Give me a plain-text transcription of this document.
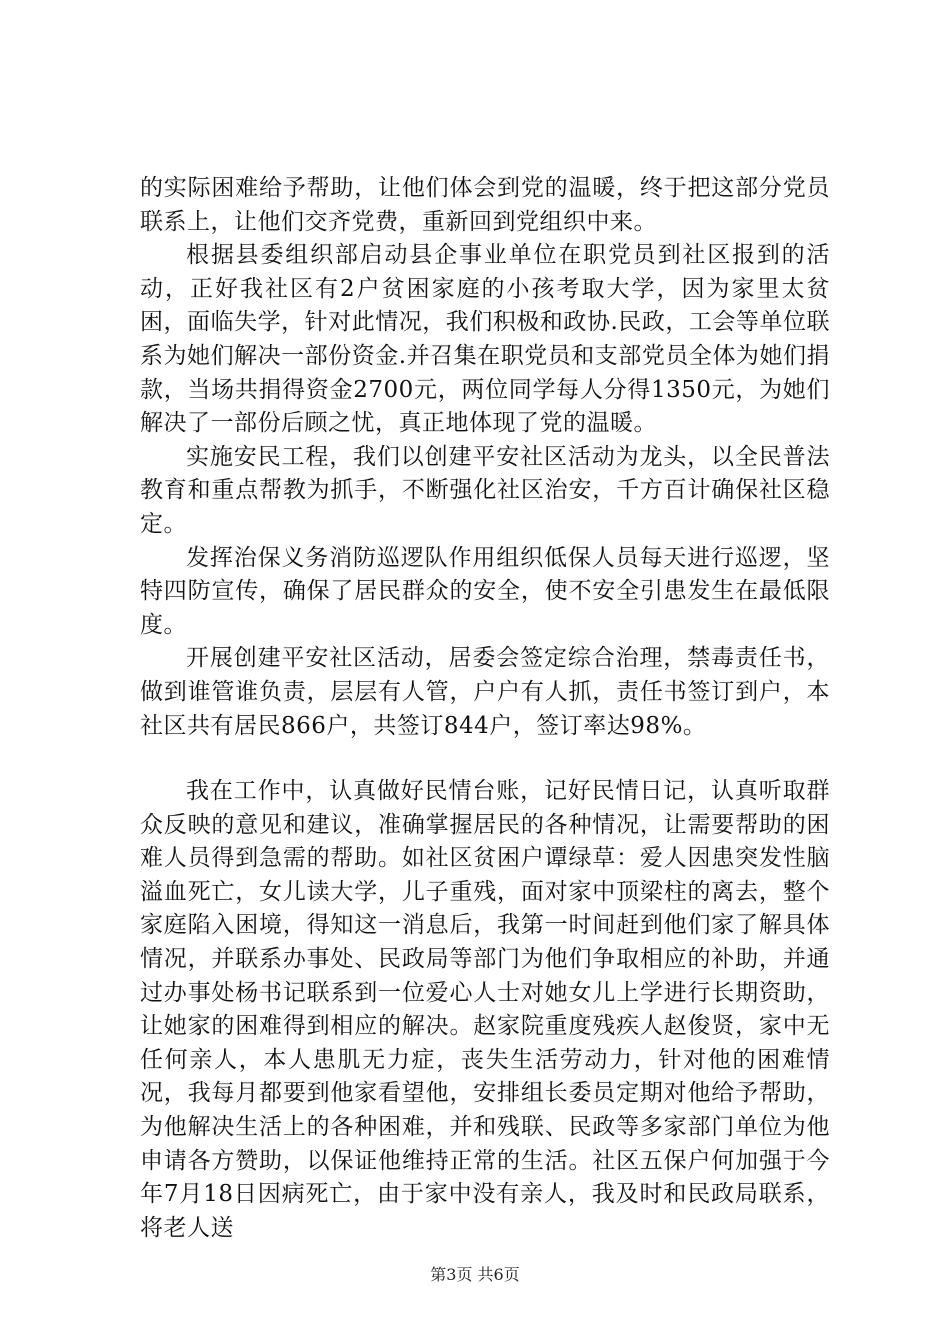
的实际困难给予帮助，让他们体会到党的温暖，终于把这部分党员联系上，让他们交齐党费，重新回到党组织中来。

根据县委组织部启动县企事业单位在职党员到社区报到的活动，正好我社区有2户贫困家庭的小孩考取大学，因为家里太贫困，面临失学，针对此情况，我们积极和政协.民政，工会等单位联系为她们解决一部份资金.并召集在职党员和支部党员全体为她们捐款，当场共捐得资金2700元，两位同学每人分得1350元，为她们解决了一部份后顾之忧，真正地体现了党的温暖。

实施安民工程，我们以创建平安社区活动为龙头，以全民普法教育和重点帮教为抓手，不断强化社区治安，千方百计确保社区稳定。

发挥治保义务消防巡逻队作用组织低保人员每天进行巡逻，坚特四防宣传，确保了居民群众的安全，使不安全引患发生在最低限度。

开展创建平安社区活动，居委会签定综合治理，禁毒责任书，做到谁管谁负责，层层有人管，户户有人抓，责任书签订到户，本社区共有居民866户，共签订844户，签订率达98%。

我在工作中，认真做好民情台账，记好民情日记，认真听取群众反映的意见和建议，准确掌握居民的各种情况，让需要帮助的困难人员得到急需的帮助。如社区贫困户谭绿草：爱人因患突发性脑溢血死亡，女儿读大学，儿子重残，面对家中顶梁柱的离去，整个家庭陷入困境，得知这一消息后，我第一时间赶到他们家了解具体情况，并联系办事处、民政局等部门为他们争取相应的补助，并通过办事处杨书记联系到一位爱心人士对她女儿上学进行长期资助，让她家的困难得到相应的解决。赵家院重度残疾人赵俊贤，家中无任何亲人，本人患肌无力症，丧失生活劳动力，针对他的困难情况，我每月都要到他家看望他，安排组长委员定期对他给予帮助，为他解决生活上的各种困难，并和残联、民政等多家部门单位为他申请各方赞助，以保证他维持正常的生活。社区五保户何加强于今年7月18日因病死亡，由于家中没有亲人，我及时和民政局联系，将老人送

第3页 共6页
